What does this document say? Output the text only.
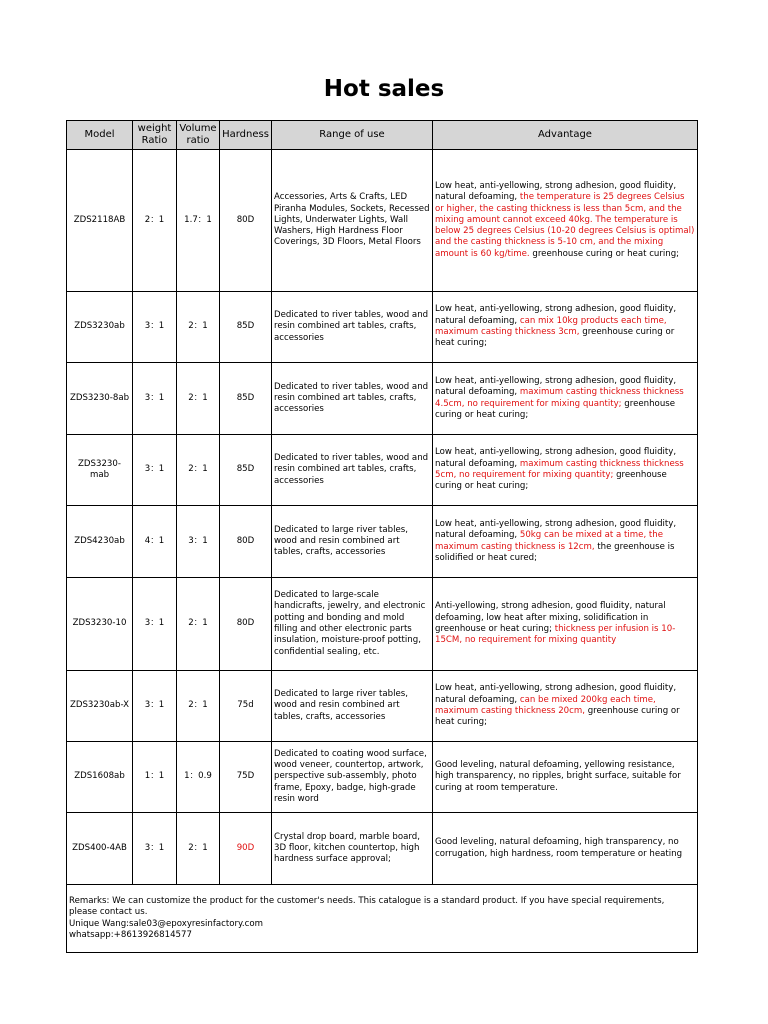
Hot sales
Model	weight Ratio	Volume ratio	Hardness	Range of use	Advantage
ZDS2118AB	2：1	1.7：1	80D	Accessories, Arts & Crafts, LED Piranha Modules, Sockets, Recessed Lights, Underwater Lights, Wall Washers, High Hardness Floor Coverings, 3D Floors, Metal Floors	Low heat, anti-yellowing, strong adhesion, good fluidity, natural defoaming, the temperature is 25 degrees Celsius or higher, the casting thickness is less than 5cm, and the mixing amount cannot exceed 40kg. The temperature is below 25 degrees Celsius (10-20 degrees Celsius is optimal) and the casting thickness is 5-10 cm, and the mixing amount is 60 kg/time. greenhouse curing or heat curing;
ZDS3230ab	3：1	2：1	85D	Dedicated to river tables, wood and resin combined art tables, crafts, accessories	Low heat, anti-yellowing, strong adhesion, good fluidity, natural defoaming, can mix 10kg products each time, maximum casting thickness 3cm, greenhouse curing or heat curing;
ZDS3230-8ab	3：1	2：1	85D	Dedicated to river tables, wood and resin combined art tables, crafts, accessories	Low heat, anti-yellowing, strong adhesion, good fluidity, natural defoaming, maximum casting thickness thickness 4.5cm, no requirement for mixing quantity; greenhouse curing or heat curing;
ZDS3230-mab	3：1	2：1	85D	Dedicated to river tables, wood and resin combined art tables, crafts, accessories	Low heat, anti-yellowing, strong adhesion, good fluidity, natural defoaming, maximum casting thickness thickness 5cm, no requirement for mixing quantity; greenhouse curing or heat curing;
ZDS4230ab	4：1	3：1	80D	Dedicated to large river tables, wood and resin combined art tables, crafts, accessories	Low heat, anti-yellowing, strong adhesion, good fluidity, natural defoaming, 50kg can be mixed at a time, the maximum casting thickness is 12cm, the greenhouse is solidified or heat cured;
ZDS3230-10	3：1	2：1	80D	Dedicated to large-scale handicrafts, jewelry, and electronic potting and bonding and mold filling and other electronic parts insulation, moisture-proof potting, confidential sealing, etc.	Anti-yellowing, strong adhesion, good fluidity, natural defoaming, low heat after mixing, solidification in greenhouse or heat curing; thickness per infusion is 10-15CM, no requirement for mixing quantity
ZDS3230ab-X	3：1	2：1	75d	Dedicated to large river tables, wood and resin combined art tables, crafts, accessories	Low heat, anti-yellowing, strong adhesion, good fluidity, natural defoaming, can be mixed 200kg each time, maximum casting thickness 20cm, greenhouse curing or heat curing;
ZDS1608ab	1：1	1：0.9	75D	Dedicated to coating wood surface, wood veneer, countertop, artwork, perspective sub-assembly, photo frame, Epoxy, badge, high-grade resin word	Good leveling, natural defoaming, yellowing resistance, high transparency, no ripples, bright surface, suitable for curing at room temperature.
ZDS400-4AB	3：1	2：1	90D	Crystal drop board, marble board, 3D floor, kitchen countertop, high hardness surface approval;	Good leveling, natural defoaming, high transparency, no corrugation, high hardness, room temperature or heating

Remarks: We can customize the product for the customer's needs. This catalogue is a standard product. If you have special requirements, please contact us.
Unique Wang:sale03@epoxyresinfactory.com
whatsapp:+8613926814577					
